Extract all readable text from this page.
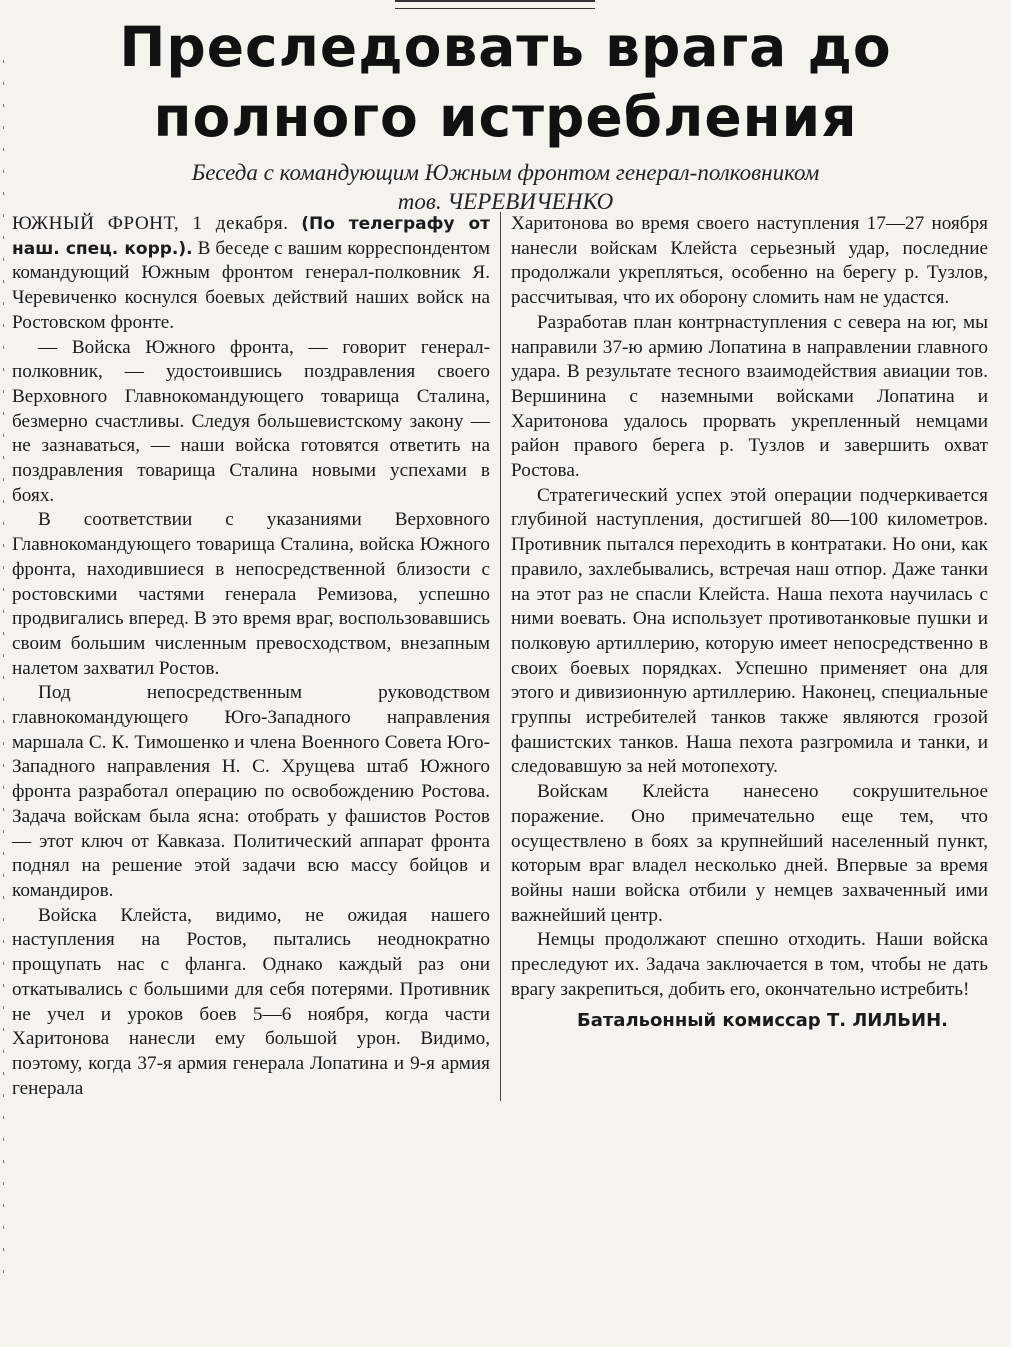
Преследовать врага до
полного истребления
Беседа с командующим Южным фронтом генерал-полковником
тов. ЧЕРЕВИЧЕНКО

ЮЖНЫЙ ФРОНТ, 1 декабря. (По телеграфу от наш. спец. корр.). В беседе с вашим корреспондентом командующий Южным фронтом генерал-полковник Я. Черевиченко коснулся боевых действий наших войск на Ростовском фронте.

— Войска Южного фронта, — говорит генерал-полковник, — удостоившись поздравления своего Верховного Главнокомандующего товарища Сталина, безмерно счастливы. Следуя большевистскому закону — не зазнаваться, — наши войска готовятся ответить на поздравления товарища Сталина новыми успехами в боях.

В соответствии с указаниями Верховного Главнокомандующего товарища Сталина, войска Южного фронта, находившиеся в непосредственной близости с ростовскими частями генерала Ремизова, успешно продвигались вперед. В это время враг, воспользовавшись своим большим численным превосходством, внезапным налетом захватил Ростов.

Под непосредственным руководством главнокомандующего Юго-Западного направления маршала С. К. Тимошенко и члена Военного Совета Юго-Западного направления Н. С. Хрущева штаб Южного фронта разработал операцию по освобождению Ростова. Задача войскам была ясна: отобрать у фашистов Ростов — этот ключ от Кавказа. Политический аппарат фронта поднял на решение этой задачи всю массу бойцов и командиров.

Войска Клейста, видимо, не ожидая нашего наступления на Ростов, пытались неоднократно прощупать нас с фланга. Однако каждый раз они откатывались с большими для себя потерями. Противник не учел и уроков боев 5—6 ноября, когда части Харитонова нанесли ему большой урон. Видимо, поэтому, когда 37-я армия генерала Лопатина и 9-я армия генерала

Харитонова во время своего наступления 17—27 ноября нанесли войскам Клейста серьезный удар, последние продолжали укрепляться, особенно на берегу р. Тузлов, рассчитывая, что их оборону сломить нам не удастся.

Разработав план контрнаступления с севера на юг, мы направили 37-ю армию Лопатина в направлении главного удара. В результате тесного взаимодействия авиации тов. Вершинина с наземными войсками Лопатина и Харитонова удалось прорвать укрепленный немцами район правого берега р. Тузлов и завершить охват Ростова.

Стратегический успех этой операции подчеркивается глубиной наступления, достигшей 80—100 километров. Противник пытался переходить в контратаки. Но они, как правило, захлебывались, встречая наш отпор. Даже танки на этот раз не спасли Клейста. Наша пехота научилась с ними воевать. Она использует противотанковые пушки и полковую артиллерию, которую имеет непосредственно в своих боевых порядках. Успешно применяет она для этого и дивизионную артиллерию. Наконец, специальные группы истребителей танков также являются грозой фашистских танков. Наша пехота разгромила и танки, и следовавшую за ней мотопехоту.

Войскам Клейста нанесено сокрушительное поражение. Оно примечательно еще тем, что осуществлено в боях за крупнейший населенный пункт, которым враг владел несколько дней. Впервые за время войны наши войска отбили у немцев захваченный ими важнейший центр.

Немцы продолжают спешно отходить. Наши войска преследуют их. Задача заключается в том, чтобы не дать врагу закрепиться, добить его, окончательно истребить!

Батальонный комиссар Т. ЛИЛЬИН.
